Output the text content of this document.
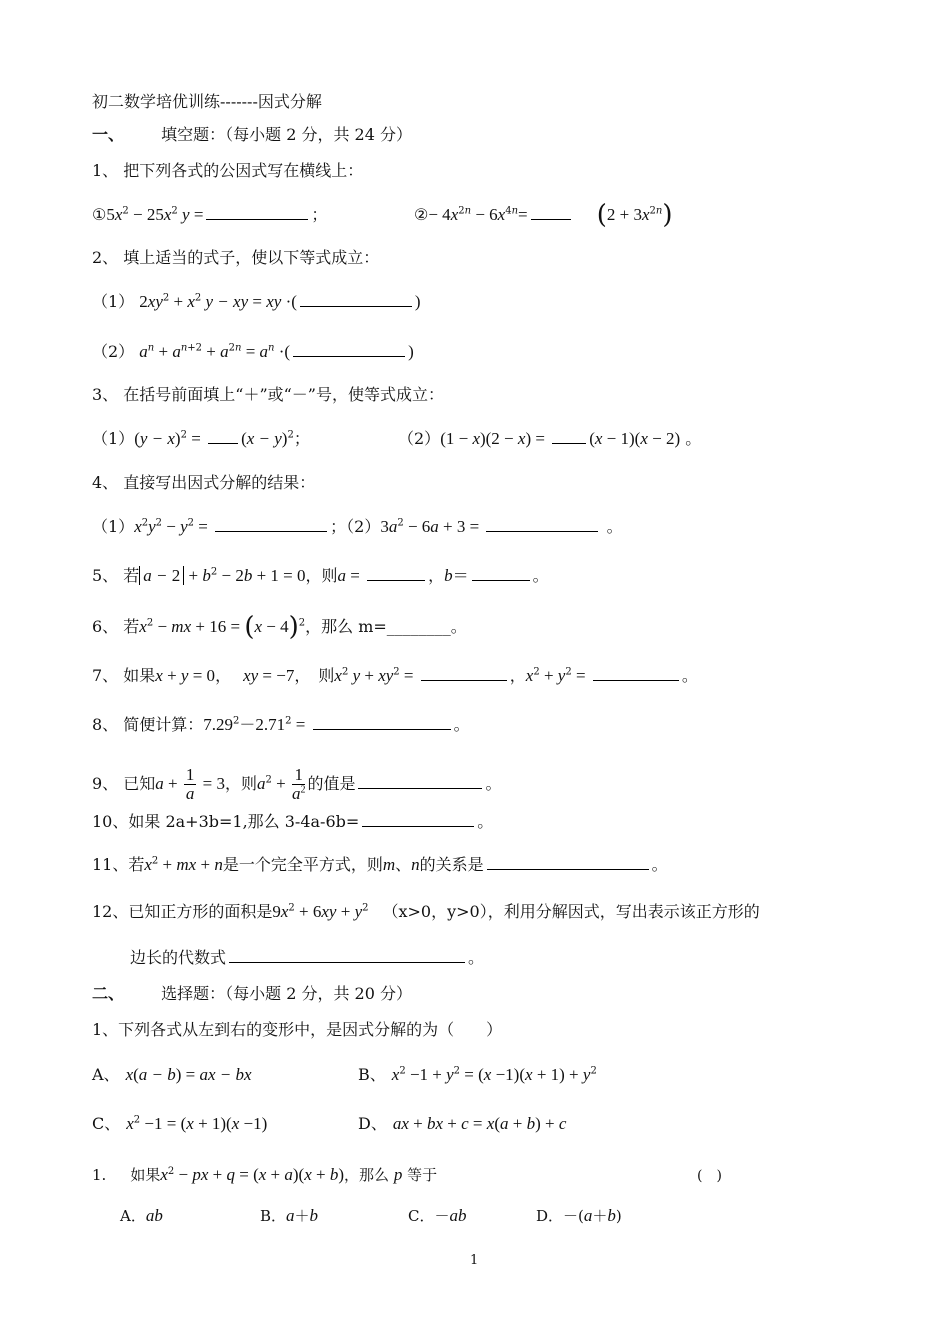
初二数学培优训练-------因式分解
一、 填空题：（每小题 2 分，共 24 分）
1、 把下列各式的公因式写在横线上：
$①5x^2 - 25x^2$ y =	；	②− $4x^{2n} - 6x^{4n}=$	$(2 + 3x^{2n})$
2、 填上适当的式子，使以下等式成立：
（1） $2xy^2 + x^2$ y − xy = xy ·(	)
（2） $a^n + a^{n+2} + a^{2n} = a^n$ ·(	)
3、 在括号前面填上“＋”或“－”号，使等式成立：
$(1)(y - x)^2 = (x - y)^2$；	（2）(1 − x)(2 − x) = (x − 1)(x − 2) 。
4、 直接写出因式分解的结果：
$(1)x^2y^2 - y^2$ =	；$(2)3a^2 - 6a + 3$ =	。
5、 若 $a - 2 + b^2 - 2b + 1 = 0$，则a =	，b＝	。
6、 若$x^2$ − mx + $16 = (x - 4)^2$，那么 m=________。
7、 如果x + y = 0， xy = −7， 则$x^2$ $y + xy^2$ =	，$x^2 + y^2$ =	。
8、 简便计算：$7.29^2-2.71^2$ =	。
9、 已知$a + \frac{1}{a} = 3$，则$a^2 + \frac{1}{a^2}$ 的值是	。
10、如果 2a+3b=1,那么 3-4a-6b=	。
11、若$x^2$ + mx + n是一个完全平方式，则m、n的关系是	。
12、已知正方形的面积是$9x^2 + 6xy + y^2$ （x>0，y>0），利用分解因式，写出表示该正方形的
边长的代数式	。
二、 选择题：（每小题 2 分，共 20 分）
1、下列各式从左到右的变形中，是因式分解的为（　　）
A、 x(a − b) = ax − bx	B、 $x^2 -1 + y^2 = (x -1)(x + 1) + y^2$
C、 $x^2 -1 = (x + 1)(x -1)$	D、 ax + bx + c = x(a + b) + c
1. 如果$x^2$ − px + q = (x + a)(x + b)，那么 p 等于	(　)
A．ab	B．a＋b	C．－ab	D．－(a＋b)
1
